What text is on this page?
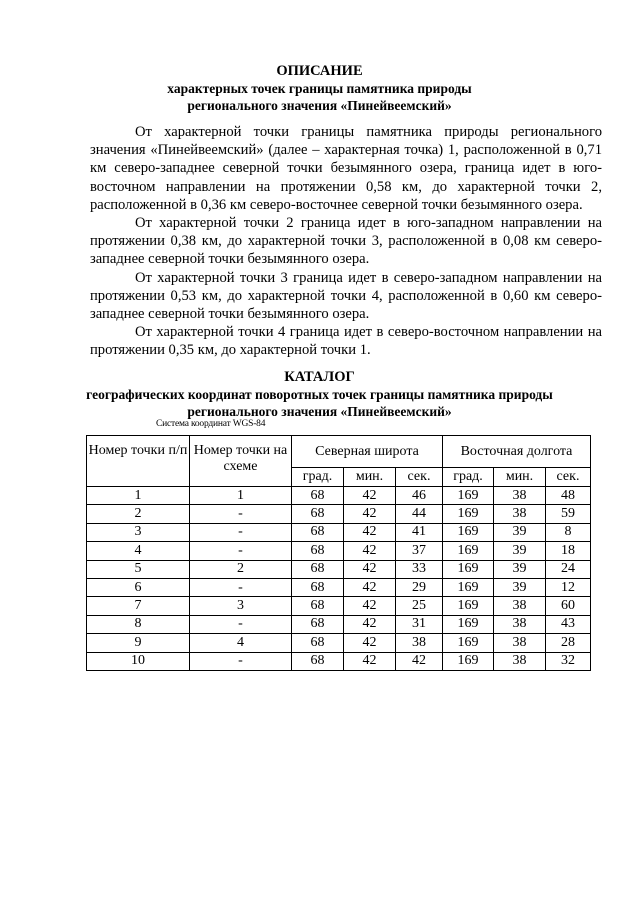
ОПИСАНИЕ
характерных точек границы памятника природы
регионального значения «Пинейвеемский»

От характерной точки границы памятника природы регионального значения «Пинейвеемский» (далее – характерная точка) 1, расположенной в 0,71 км северо-западнее северной точки безымянного озера, граница идет в юго-восточном направлении на протяжении 0,58 км, до характерной точки 2, расположенной в 0,36 км северо-восточнее северной точки безымянного озера.

От характерной точки 2 граница идет в юго-западном направлении на протяжении 0,38 км, до характерной точки 3, расположенной в 0,08 км северо-западнее северной точки безымянного озера.

От характерной точки 3 граница идет в северо-западном направлении на протяжении 0,53 км, до характерной точки 4, расположенной в 0,60 км северо-западнее северной точки безымянного озера.

От характерной точки 4 граница идет в северо-восточном направлении на протяжении 0,35 км, до характерной точки 1.

КАТАЛОГ
географических координат поворотных точек границы памятника природы
регионального значения «Пинейвеемский»
Система координат WGS-84
Номер точки п/п	Номер точки на схеме	Северная широта			Восточная долгота		
		град.	мин.	сек.	град.	мин.	сек.
1	1	68	42	46	169	38	48
2	-	68	42	44	169	38	59
3	-	68	42	41	169	39	8
4	-	68	42	37	169	39	18
5	2	68	42	33	169	39	24
6	-	68	42	29	169	39	12
7	3	68	42	25	169	38	60
8	-	68	42	31	169	38	43
9	4	68	42	38	169	38	28
10	-	68	42	42	169	38	32
